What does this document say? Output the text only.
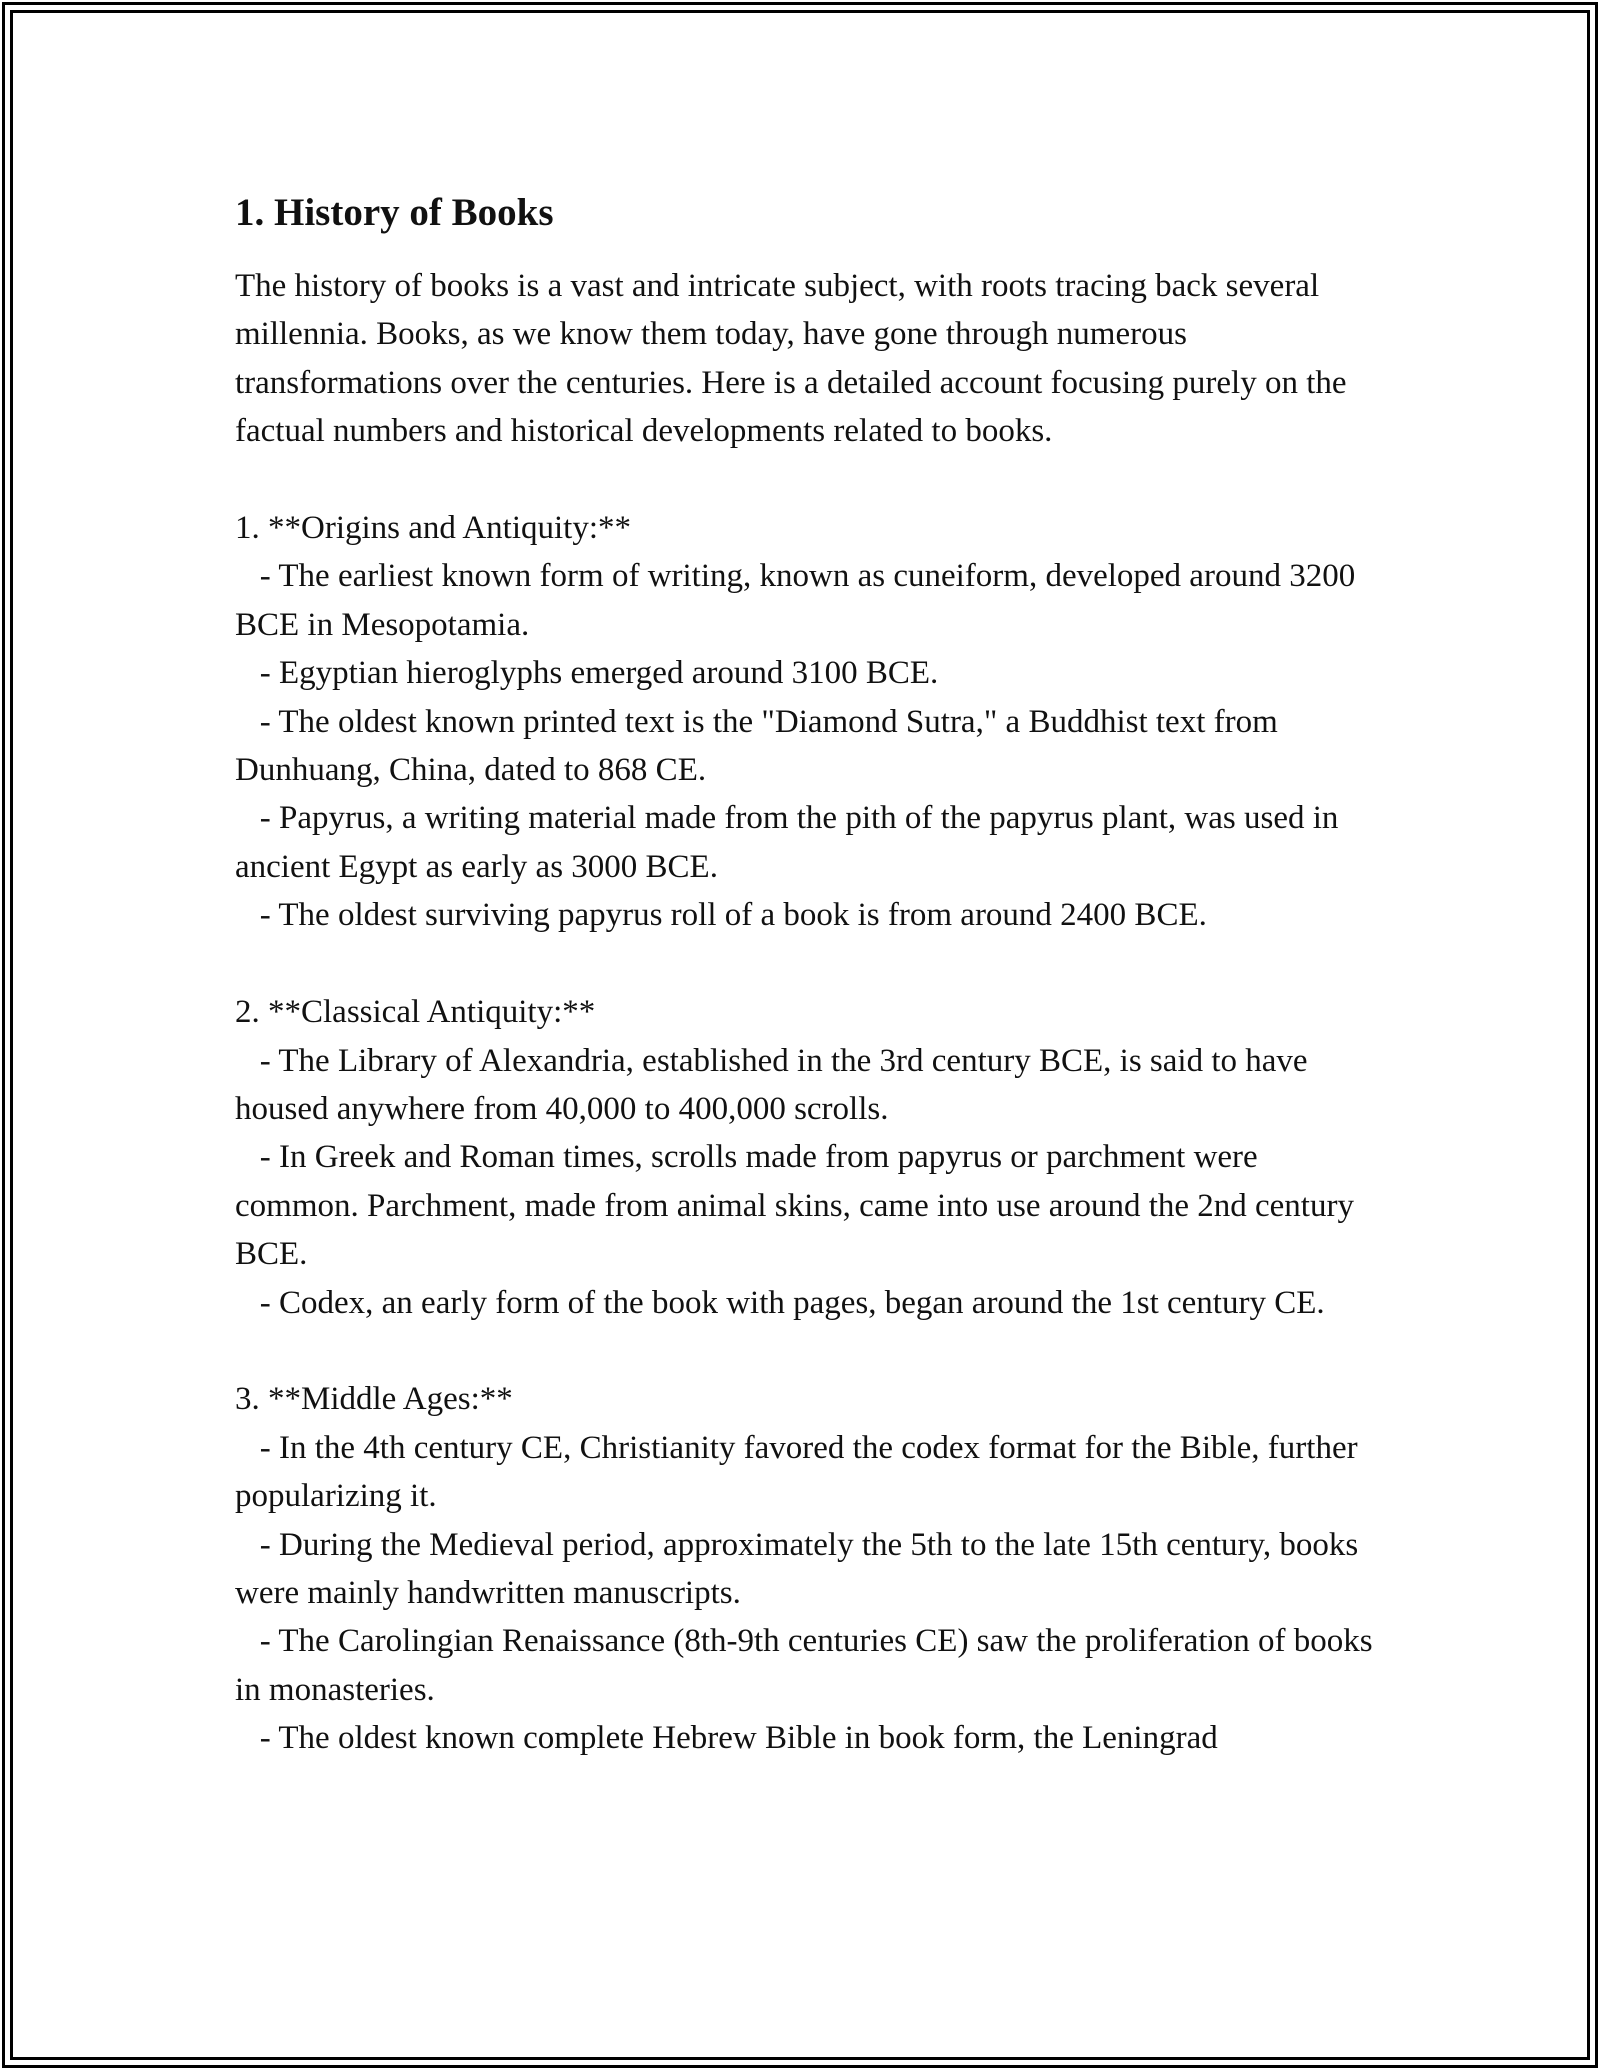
1. History of Books

The history of books is a vast and intricate subject, with roots tracing back several millennia. Books, as we know them today, have gone through numerous transformations over the centuries. Here is a detailed account focusing purely on the factual numbers and historical developments related to books.

1. **Origins and Antiquity:**
- The earliest known form of writing, known as cuneiform, developed around 3200 BCE in Mesopotamia.
- Egyptian hieroglyphs emerged around 3100 BCE.
- The oldest known printed text is the "Diamond Sutra," a Buddhist text from Dunhuang, China, dated to 868 CE.
- Papyrus, a writing material made from the pith of the papyrus plant, was used in ancient Egypt as early as 3000 BCE.
- The oldest surviving papyrus roll of a book is from around 2400 BCE.

2. **Classical Antiquity:**
- The Library of Alexandria, established in the 3rd century BCE, is said to have housed anywhere from 40,000 to 400,000 scrolls.
- In Greek and Roman times, scrolls made from papyrus or parchment were common. Parchment, made from animal skins, came into use around the 2nd century BCE.
- Codex, an early form of the book with pages, began around the 1st century CE.

3. **Middle Ages:**
- In the 4th century CE, Christianity favored the codex format for the Bible, further popularizing it.
- During the Medieval period, approximately the 5th to the late 15th century, books were mainly handwritten manuscripts.
- The Carolingian Renaissance (8th-9th centuries CE) saw the proliferation of books in monasteries.
- The oldest known complete Hebrew Bible in book form, the Leningrad
